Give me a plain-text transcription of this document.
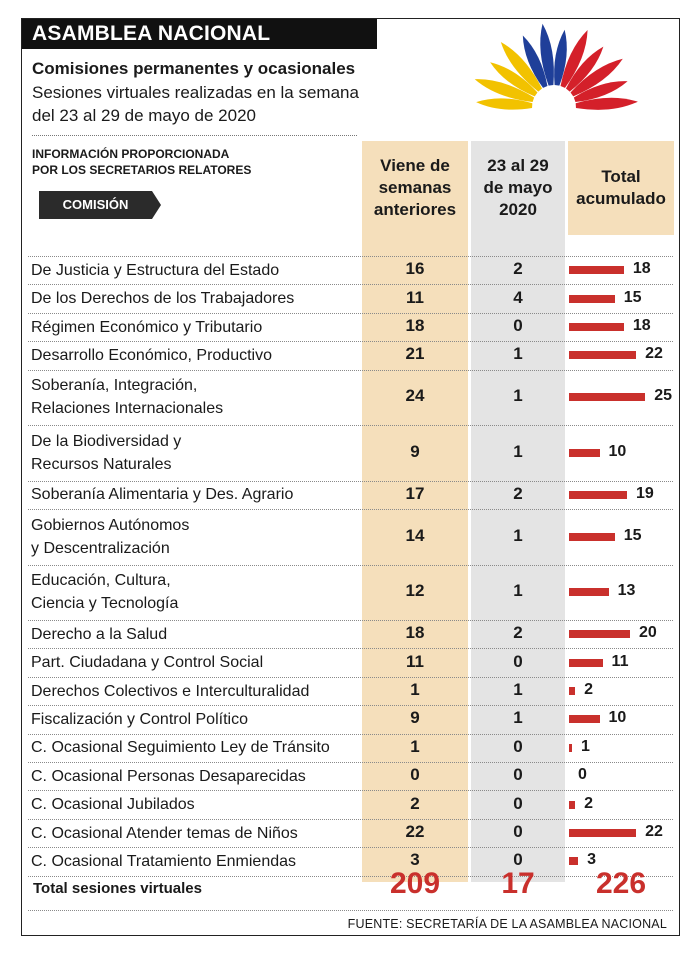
ASAMBLEA NACIONAL
Comisiones permanentes y ocasionales
Sesiones virtuales realizadas en la semana
del 23 al 29 de mayo de 2020
INFORMACIÓN PROPORCIONADA
POR LOS SECRETARIOS RELATORES
COMISIÓN
Viene de
semanas
anteriores
23 al 29
de mayo
2020
Total
acumulado
De Justicia y Estructura del Estado	16	2	18
De los Derechos de los Trabajadores	11	4	15
Régimen Económico y Tributario	18	0	18
Desarrollo Económico, Productivo	21	1	22
Soberanía, Integración,
Relaciones Internacionales
24	1	25
De la Biodiversidad y
Recursos Naturales
9	1	10
Soberanía Alimentaria y Des. Agrario	17	2	19
Gobiernos Autónomos
y Descentralización
14	1	15
Educación, Cultura,
Ciencia y Tecnología
12	1	13
Derecho a la Salud	18	2	20
Part. Ciudadana y Control Social	11	0	11
Derechos Colectivos e Interculturalidad	1	1	2
Fiscalización y Control Político	9	1	10
C. Ocasional Seguimiento Ley de Tránsito	1	0	1
C. Ocasional Personas Desaparecidas	0	0	0
C. Ocasional Jubilados	2	0	2
C. Ocasional Atender temas de Niños	22	0	22
C. Ocasional Tratamiento Enmiendas	3	0	3
Total sesiones virtuales	209	17	226
FUENTE: SECRETARÍA DE LA ASAMBLEA NACIONAL
